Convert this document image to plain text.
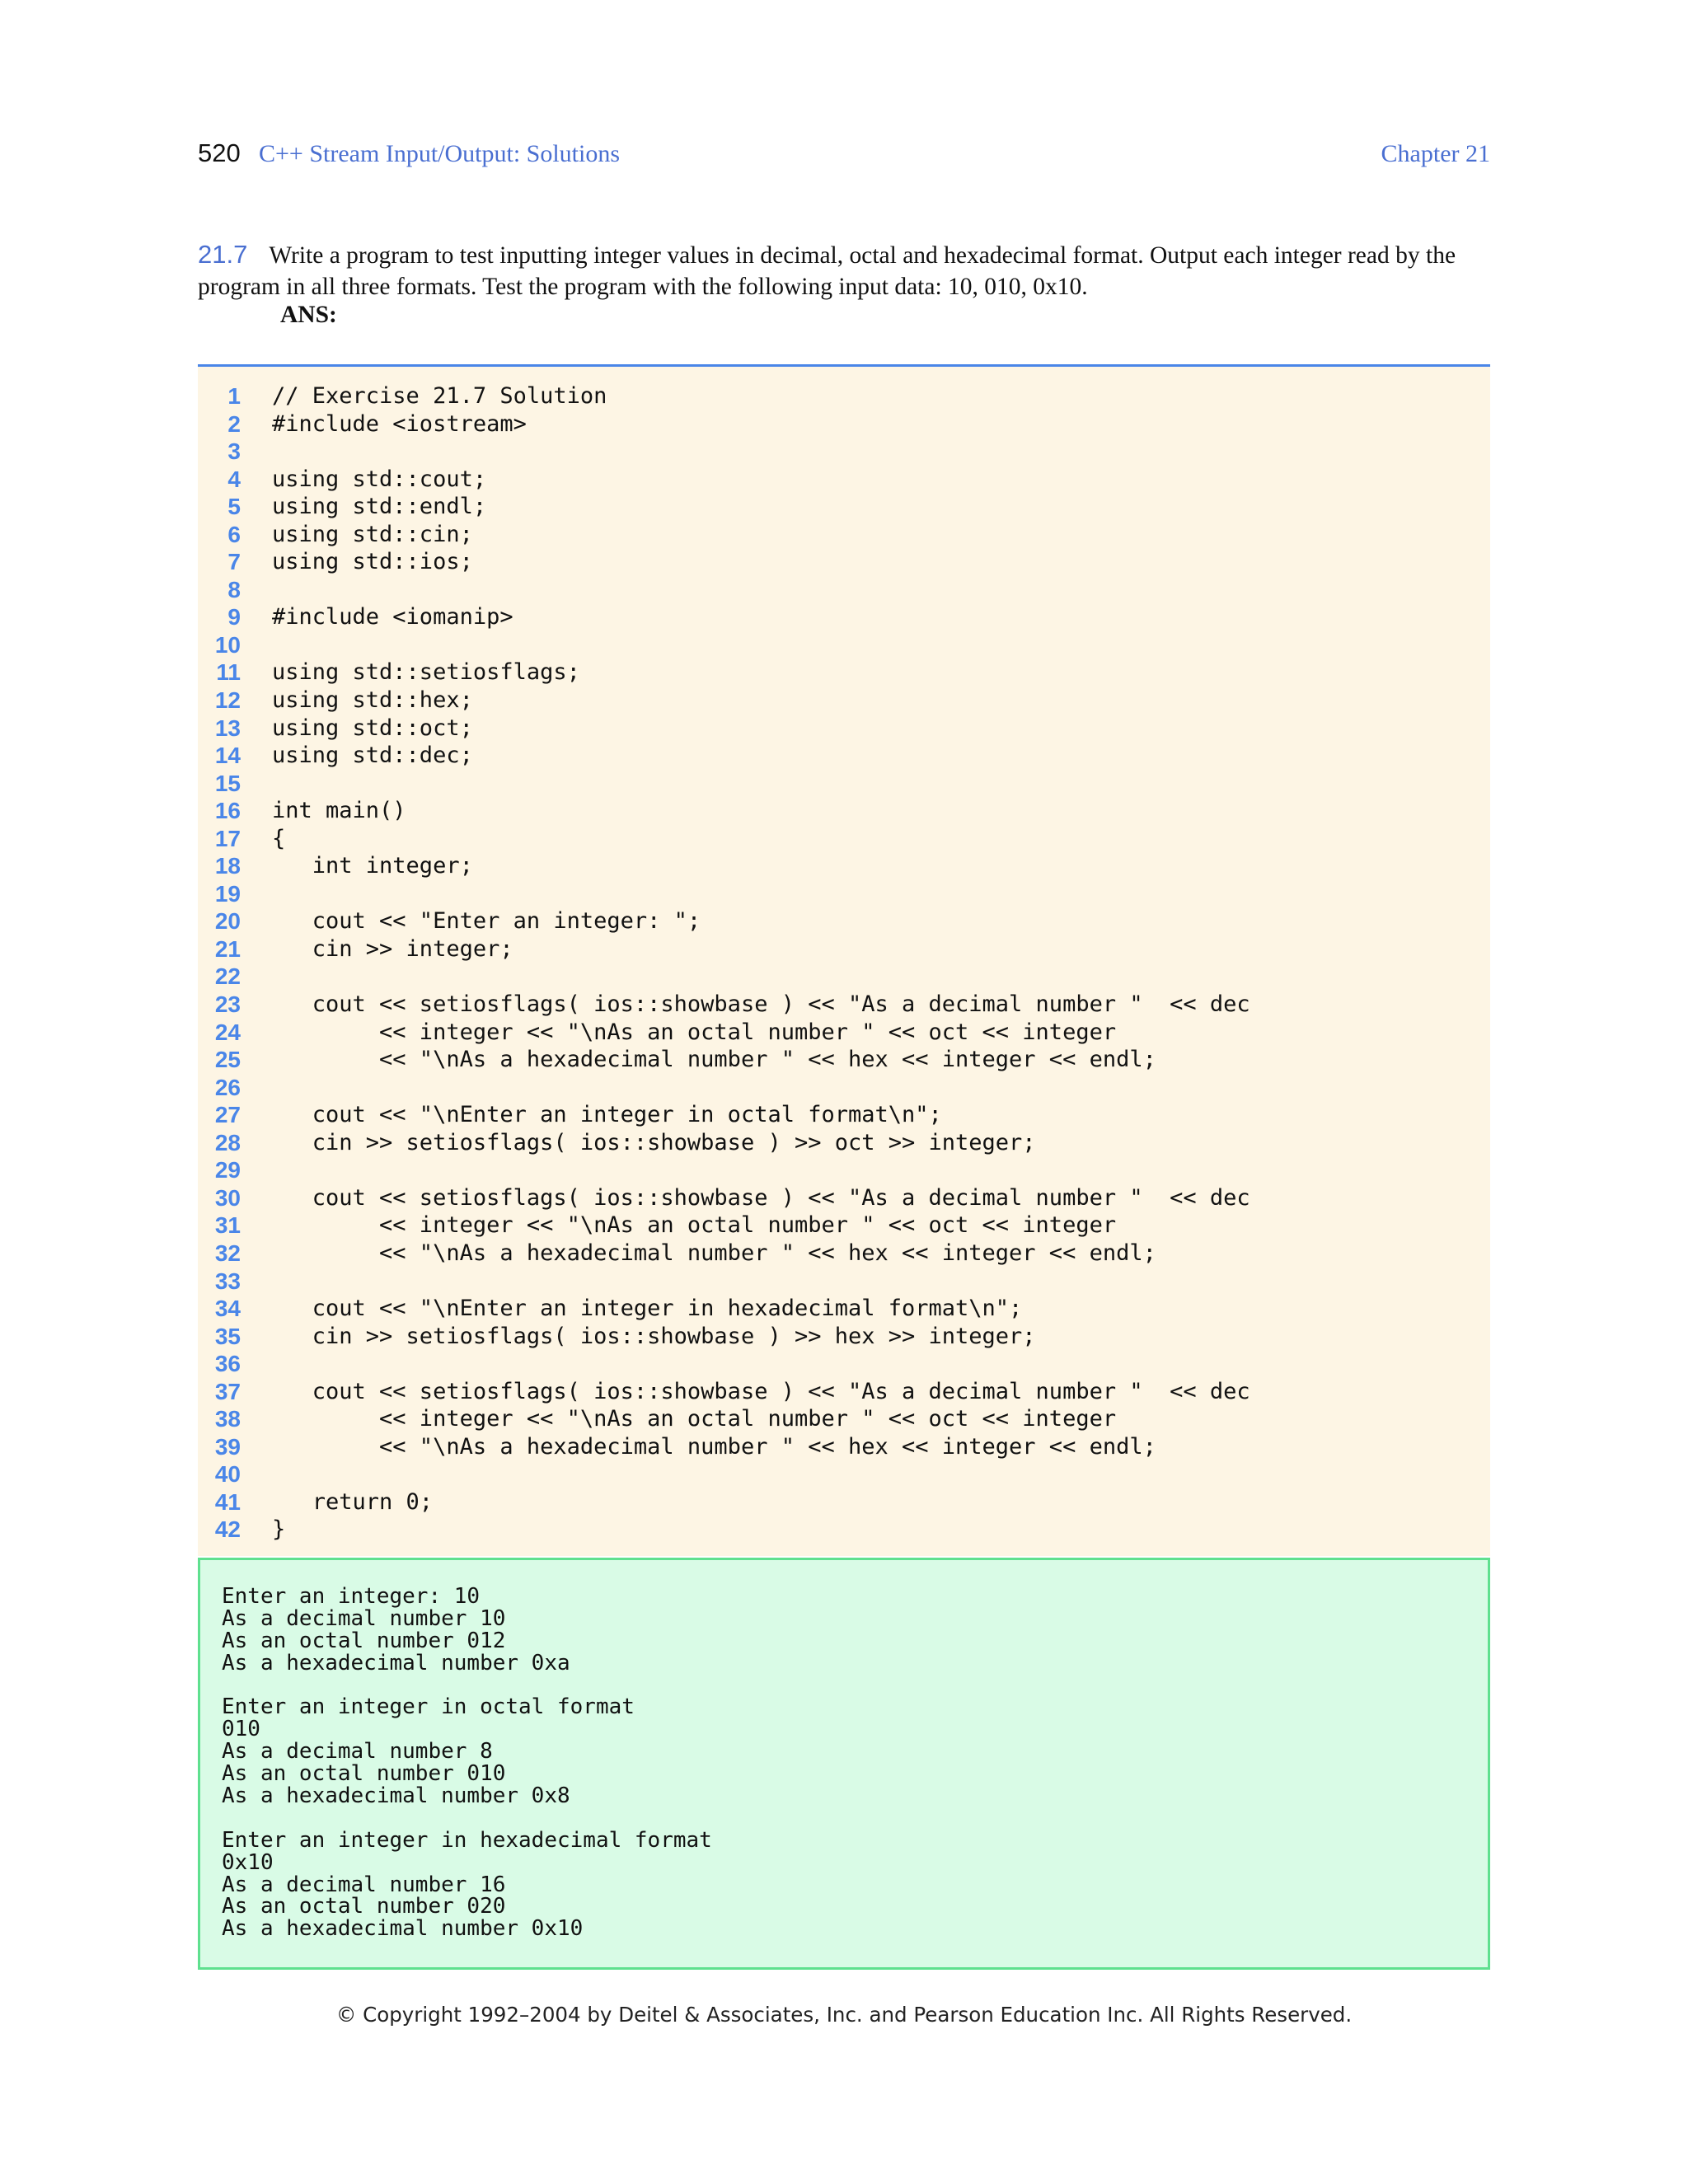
520 C++ Stream Input/Output: Solutions	Chapter 21
21.7 Write a program to test inputting integer values in decimal, octal and hexadecimal format. Output each integer read by the program in all three formats. Test the program with the following input data: 10, 010, 0x10.
ANS:
1 // Exercise 21.7 Solution
2 #include <iostream>
3
4 using std::cout;
5 using std::endl;
6 using std::cin;
7 using std::ios;
8
9 #include <iomanip>
10
11 using std::setiosflags;
12 using std::hex;
13 using std::oct;
14 using std::dec;
15
16 int main()
17 {
18 int integer;
19
20 cout << "Enter an integer: ";
21 cin >> integer;
22
23 cout << setiosflags( ios::showbase ) << "As a decimal number "  << dec
24 << integer << "\nAs an octal number " << oct << integer
25 << "\nAs a hexadecimal number " << hex << integer << endl;
26
27 cout << "\nEnter an integer in octal format\n";
28 cin >> setiosflags( ios::showbase ) >> oct >> integer;
29
30 cout << setiosflags( ios::showbase ) << "As a decimal number "  << dec
31 << integer << "\nAs an octal number " << oct << integer
32 << "\nAs a hexadecimal number " << hex << integer << endl;
33
34 cout << "\nEnter an integer in hexadecimal format\n";
35 cin >> setiosflags( ios::showbase ) >> hex >> integer;
36
37 cout << setiosflags( ios::showbase ) << "As a decimal number "  << dec
38 << integer << "\nAs an octal number " << oct << integer
39 << "\nAs a hexadecimal number " << hex << integer << endl;
40
41 return 0;
42 }
Enter an integer: 10
As a decimal number 10
As an octal number 012
As a hexadecimal number 0xa
Enter an integer in octal format
010
As a decimal number 8
As an octal number 010
As a hexadecimal number 0x8
Enter an integer in hexadecimal format
0x10
As a decimal number 16
As an octal number 020
As a hexadecimal number 0x10
© Copyright 1992–2004 by Deitel & Associates, Inc. and Pearson Education Inc. All Rights Reserved.
